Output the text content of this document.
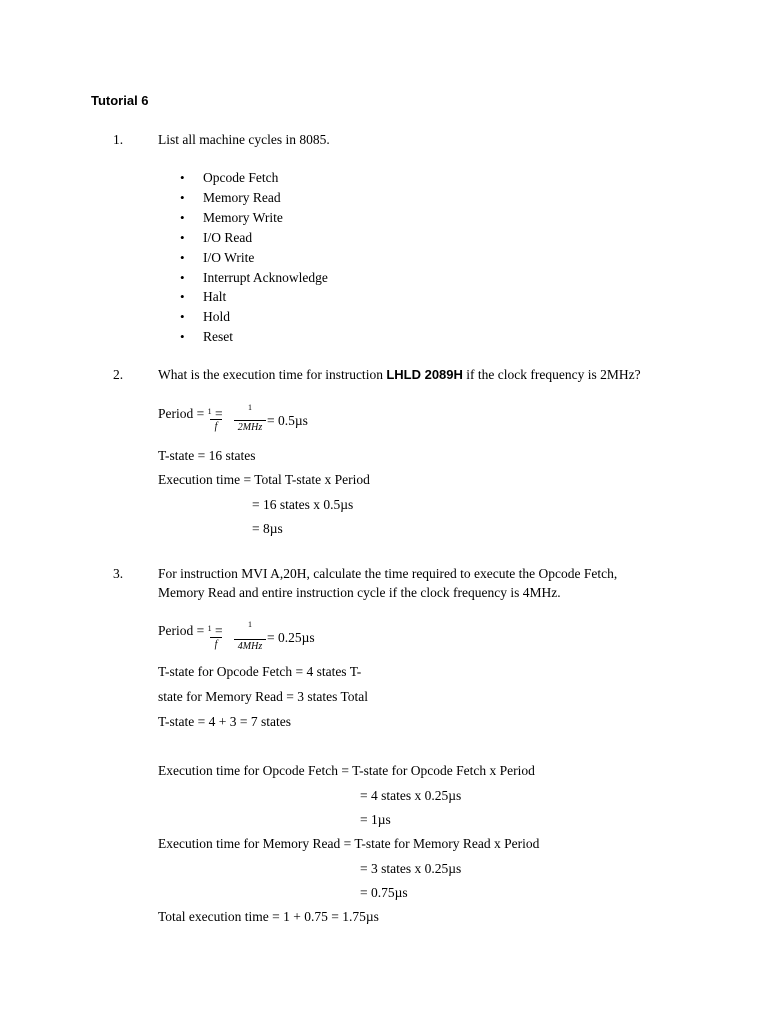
Tutorial 6
1.	List all machine cycles in 8085.
• Opcode Fetch
• Memory Read
• Memory Write
• I/O Read
• I/O Write
• Interrupt Acknowledge
• Halt
• Hold
• Reset
2.	What is the execution time for instruction LHLD 2089H if the clock frequency is 2MHz?
Period = $^1$ =
f
1
2MHz = 0.5µs
T-state = 16 states
Execution time = Total T-state x Period
= 16 states x 0.5µs
= 8µs
3.	For instruction MVI A,20H, calculate the time required to execute the Opcode Fetch,
Memory Read and entire instruction cycle if the clock frequency is 4MHz.
Period = $^1$ =
f
1
4MHz
= 0.25µs
T-state for Opcode Fetch = 4 states T-
state for Memory Read = 3 states Total
T-state = 4 + 3 = 7 states
Execution time for Opcode Fetch = T-state for Opcode Fetch x Period
= 4 states x 0.25µs
= 1µs
Execution time for Memory Read = T-state for Memory Read x Period
= 3 states x 0.25µs
= 0.75µs
Total execution time = 1 + 0.75 = 1.75µs
